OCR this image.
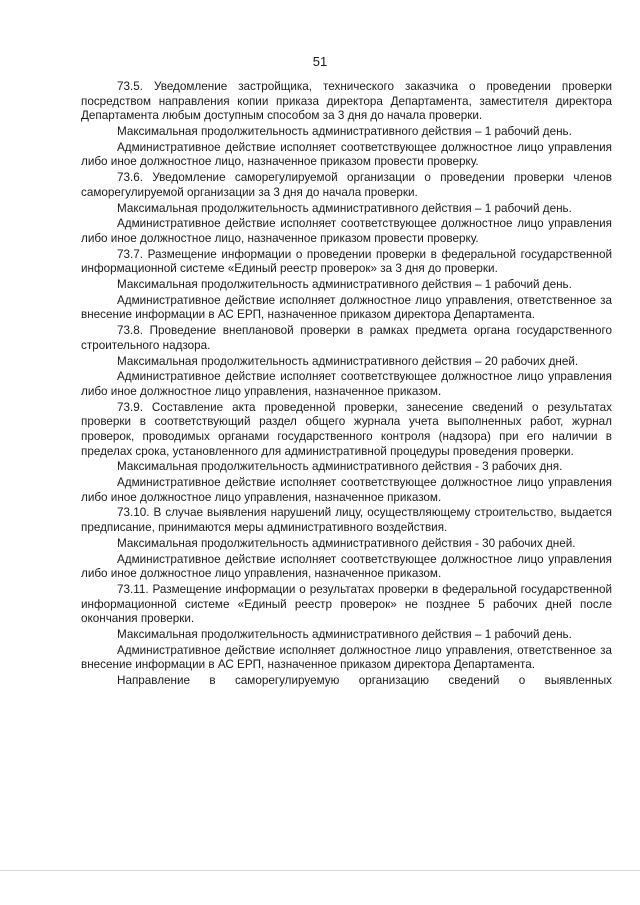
51

73.5. Уведомление застройщика, технического заказчика о проведении проверки посредством направления копии приказа директора Департамента, заместителя директора Департамента любым доступным способом за 3 дня до начала проверки.

Максимальная продолжительность административного действия – 1 рабочий день.

Административное действие исполняет соответствующее должностное лицо управления либо иное должностное лицо, назначенное приказом провести проверку.

73.6. Уведомление саморегулируемой организации о проведении проверки членов саморегулируемой организации за 3 дня до начала проверки.

Максимальная продолжительность административного действия – 1 рабочий день.

Административное действие исполняет соответствующее должностное лицо управления либо иное должностное лицо, назначенное приказом провести проверку.

73.7. Размещение информации о проведении проверки в федеральной государственной информационной системе «Единый реестр проверок» за 3 дня до проверки.

Максимальная продолжительность административного действия – 1 рабочий день.

Административное действие исполняет должностное лицо управления, ответственное за внесение информации в АС ЕРП, назначенное приказом директора Департамента.

73.8. Проведение внеплановой проверки в рамках предмета органа государственного строительного надзора.

Максимальная продолжительность административного действия – 20 рабочих дней.

Административное действие исполняет соответствующее должностное лицо управления либо иное должностное лицо управления, назначенное приказом.

73.9. Составление акта проведенной проверки, занесение сведений о результатах проверки в соответствующий раздел общего журнала учета выполненных работ, журнал проверок, проводимых органами государственного контроля (надзора) при его наличии в пределах срока, установленного для административной процедуры проведения проверки.

Максимальная продолжительность административного действия - 3 рабочих дня.

Административное действие исполняет соответствующее должностное лицо управления либо иное должностное лицо управления, назначенное приказом.

73.10. В случае выявления нарушений лицу, осуществляющему строительство, выдается предписание, принимаются меры административного воздействия.

Максимальная продолжительность административного действия - 30 рабочих дней.

Административное действие исполняет соответствующее должностное лицо управления либо иное должностное лицо управления, назначенное приказом.

73.11. Размещение информации о результатах проверки в федеральной государственной информационной системе «Единый реестр проверок» не позднее 5 рабочих дней после окончания проверки.

Максимальная продолжительность административного действия – 1 рабочий день.

Административное действие исполняет должностное лицо управления, ответственное за внесение информации в АС ЕРП, назначенное приказом директора Департамента.

Направление в саморегулируемую организацию сведений о выявленных
